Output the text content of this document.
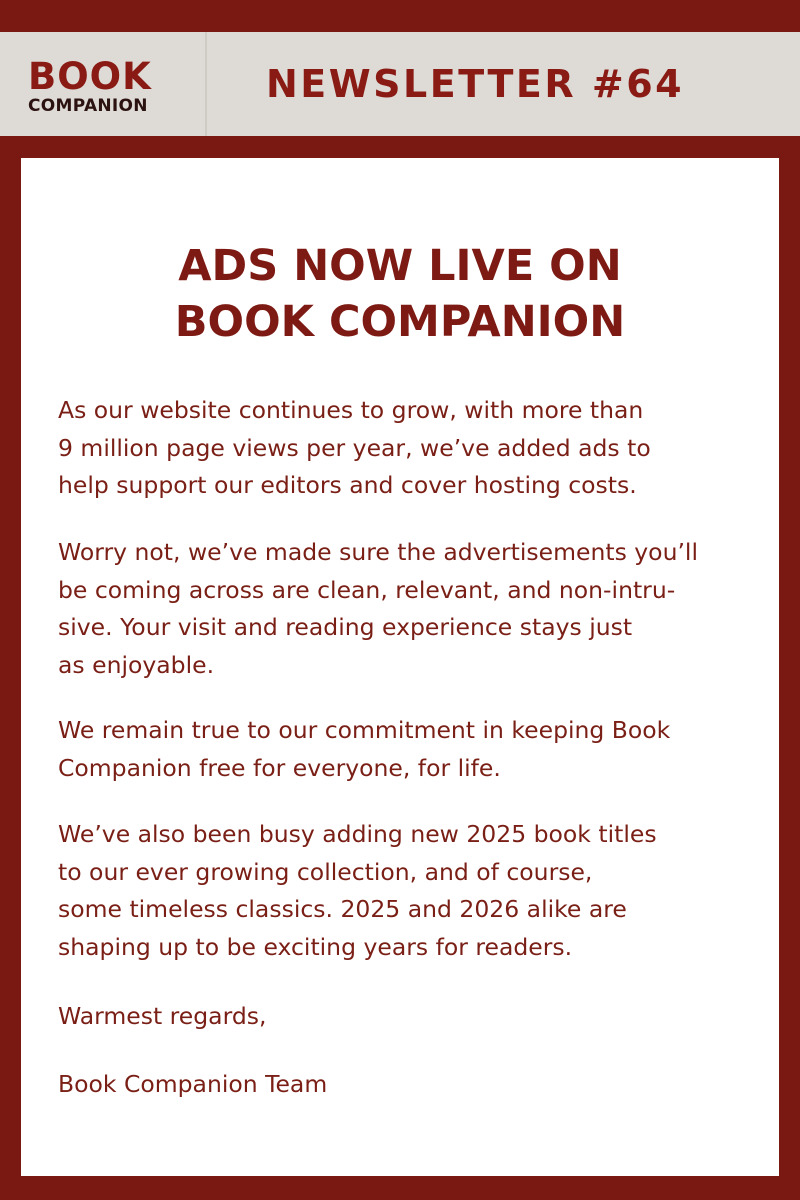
BOOK
COMPANION	NEWSLETTER #64
ADS NOW LIVE ON
BOOK COMPANION

As our website continues to grow, with more than
9 million page views per year, we’ve added ads to
help support our editors and cover hosting costs.

Worry not, we’ve made sure the advertisements you’ll
be coming across are clean, relevant, and non-intru-
sive. Your visit and reading experience stays just
as enjoyable.

We remain true to our commitment in keeping Book
Companion free for everyone, for life.

We’ve also been busy adding new 2025 book titles
to our ever growing collection, and of course,
some timeless classics. 2025 and 2026 alike are
shaping up to be exciting years for readers.

Warmest regards,

Book Companion Team
